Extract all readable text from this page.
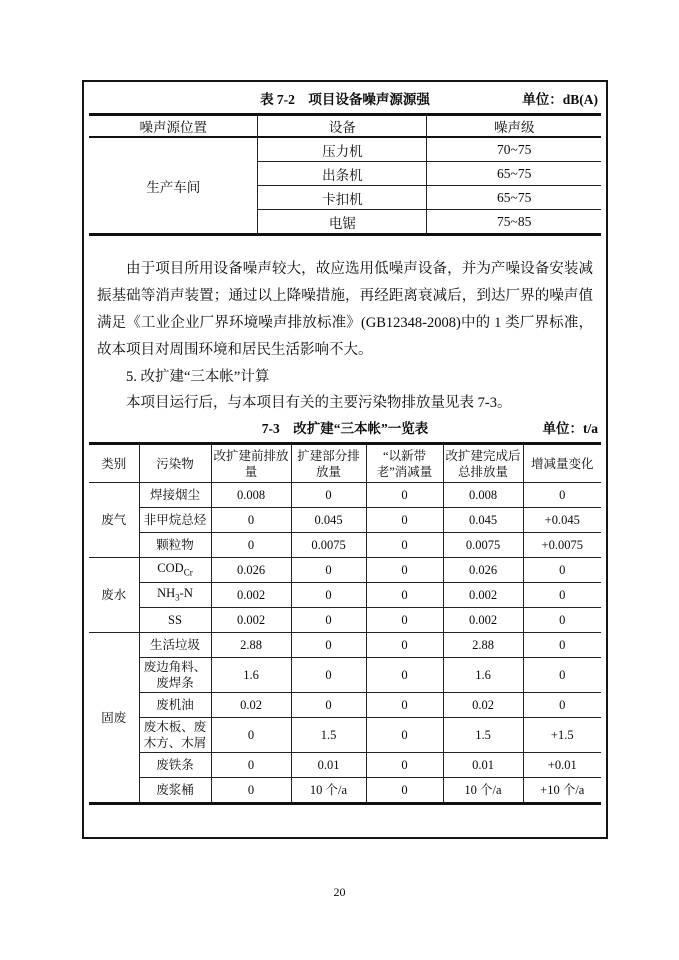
表 7-2　项目设备噪声源源强	单位：dB(A)
噪声源位置	设备	噪声级
生产车间	压力机	70~75
	出条机	65~75
	卡扣机	65~75
	电锯	75~85

由于项目所用设备噪声较大，故应选用低噪声设备，并为产噪设备安装减振基础等消声装置；通过以上降噪措施，再经距离衰减后，到达厂界的噪声值满足《工业企业厂界环境噪声排放标准》(GB12348-2008)中的 1 类厂界标准，故本项目对周围环境和居民生活影响不大。

5. 改扩建“三本帐”计算
本项目运行后，与本项目有关的主要污染物排放量见表 7-3。
7-3　改扩建“三本帐”一览表	单位：t/a
类别	污染物	改扩建前排放量	扩建部分排放量	“以新带老”消减量	改扩建完成后总排放量	增减量变化
废气	焊接烟尘	0.008	0	0	0.008	0
	非甲烷总烃	0	0.045	0	0.045	+0.045
	颗粒物	0	0.0075	0	0.0075	+0.0075
废水	$COD_{Cr}$	0.026	0	0	0.026	0
	$NH_3-N$	0.002	0	0	0.002	0
	SS	0.002	0	0	0.002	0
固废	生活垃圾	2.88	0	0	2.88	0
	废边角料、废焊条	1.6	0	0	1.6	0
	废机油	0.02	0	0	0.02	0
	废木板、废木方、木屑	0	1.5	0	1.5	+1.5
	废铁条	0	0.01	0	0.01	+0.01
	废浆桶	0	10 个/a	0	10 个/a	+10 个/a
20
